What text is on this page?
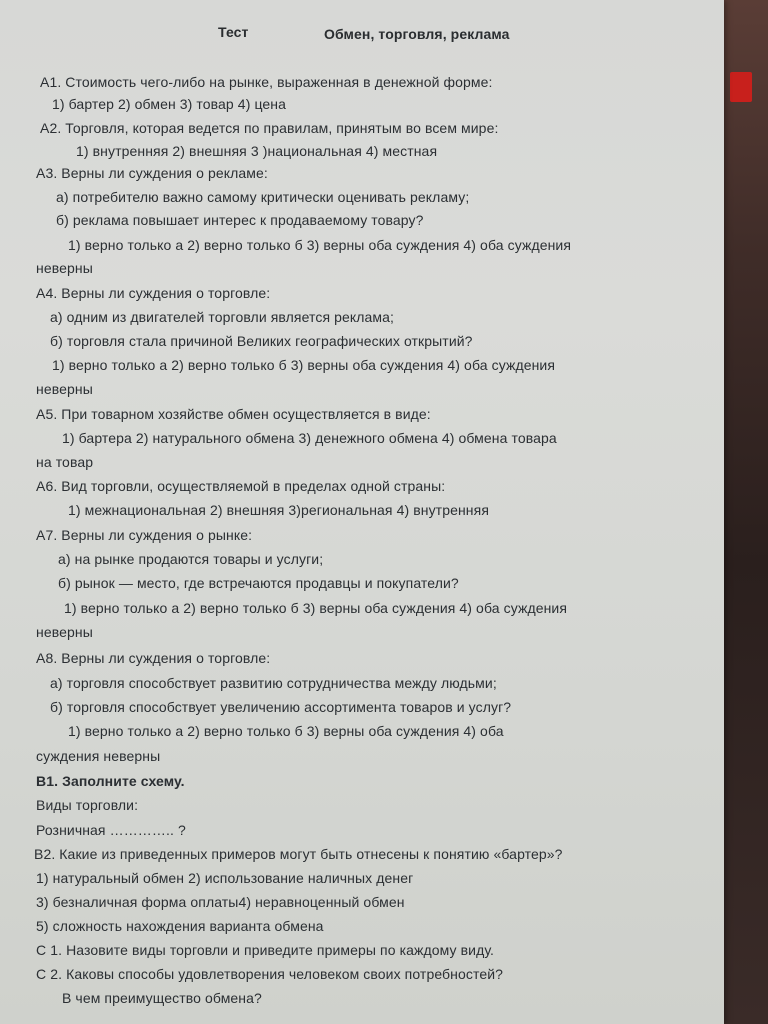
Тест	Обмен, торговля, реклама
А1. Стоимость чего-либо на рынке, выраженная в денежной форме:
1) бартер 2) обмен 3) товар 4) цена
А2. Торговля, которая ведется по правилам, принятым во всем мире:
1) внутренняя 2) внешняя 3 )национальная 4) местная
А3. Верны ли суждения о рекламе:
а) потребителю важно самому критически оценивать рекламу;
б) реклама повышает интерес к продаваемому товару?
1) верно только а 2) верно только б 3) верны оба суждения 4) оба суждения
неверны
А4. Верны ли суждения о торговле:
а) одним из двигателей торговли является реклама;
б) торговля стала причиной Великих географических открытий?
1) верно только а 2) верно только б 3) верны оба суждения 4) оба суждения
неверны
А5. При товарном хозяйстве обмен осуществляется в виде:
1) бартера 2) натурального обмена 3) денежного обмена 4) обмена товара
на товар
А6. Вид торговли, осуществляемой в пределах одной страны:
1) межнациональная 2) внешняя 3)региональная 4) внутренняя
А7. Верны ли суждения о рынке:
а) на рынке продаются товары и услуги;
б) рынок — место, где встречаются продавцы и покупатели?
1) верно только а 2) верно только б 3) верны оба суждения 4) оба суждения
неверны
А8. Верны ли суждения о торговле:
а) торговля способствует развитию сотрудничества между людьми;
б) торговля способствует увеличению ассортимента товаров и услуг?
1) верно только а 2) верно только б 3) верны оба суждения 4) оба
суждения неверны
В1. Заполните схему.
Виды торговли:
Розничная ………….. ?
В2. Какие из приведенных примеров могут быть отнесены к понятию «бартер»?
1) натуральный обмен 2) использование наличных денег
3) безналичная форма оплаты4) неравноценный обмен
5) сложность нахождения варианта обмена
С 1. Назовите виды торговли и приведите примеры по каждому виду.
С 2. Каковы способы удовлетворения человеком своих потребностей?
В чем преимущество обмена?
